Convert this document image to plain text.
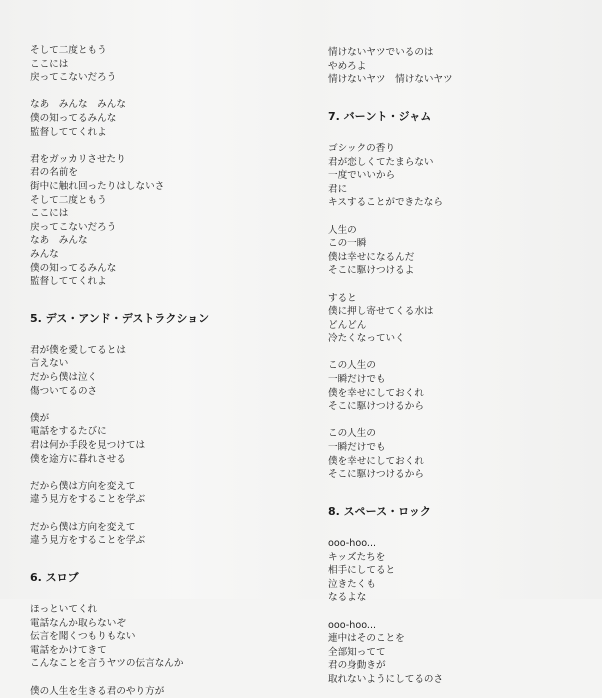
そして二度ともう
ここには
戻ってこないだろう
なあ　みんな　みんな
僕の知ってるみんな
監督しててくれよ
君をガッカリさせたり
君の名前を
街中に触れ回ったりはしないさ
そして二度ともう
ここには
戻ってこないだろう
なあ　みんな
みんな
僕の知ってるみんな
監督しててくれよ
5. デス・アンド・デストラクション
君が僕を愛してるとは
言えない
だから僕は泣く
傷ついてるのさ
僕が
電話をするたびに
君は何か手段を見つけては
僕を途方に暮れさせる
だから僕は方向を変えて
違う見方をすることを学ぶ
だから僕は方向を変えて
違う見方をすることを学ぶ
6. スロブ
ほっといてくれ
電話なんか取らないぞ
伝言を聞くつもりもない
電話をかけてきて
こんなことを言うヤツの伝言なんか
僕の人生を生きる君のやり方が
情けないヤツでいるのは
やめろよ
情けないヤツ　情けないヤツ
7. バーント・ジャム
ゴシックの香り
君が恋しくてたまらない
一度でいいから
君に
キスすることができたなら
人生の
この一瞬
僕は幸せになるんだ
そこに駆けつけるよ
すると
僕に押し寄せてくる水は
どんどん
冷たくなっていく
この人生の
一瞬だけでも
僕を幸せにしておくれ
そこに駆けつけるから
この人生の
一瞬だけでも
僕を幸せにしておくれ
そこに駆けつけるから
8. スペース・ロック
ooo-hoo...
キッズたちを
相手にしてると
泣きたくも
なるよな
ooo-hoo...
連中はそのことを
全部知ってて
君の身動きが
取れないようにしてるのさ
